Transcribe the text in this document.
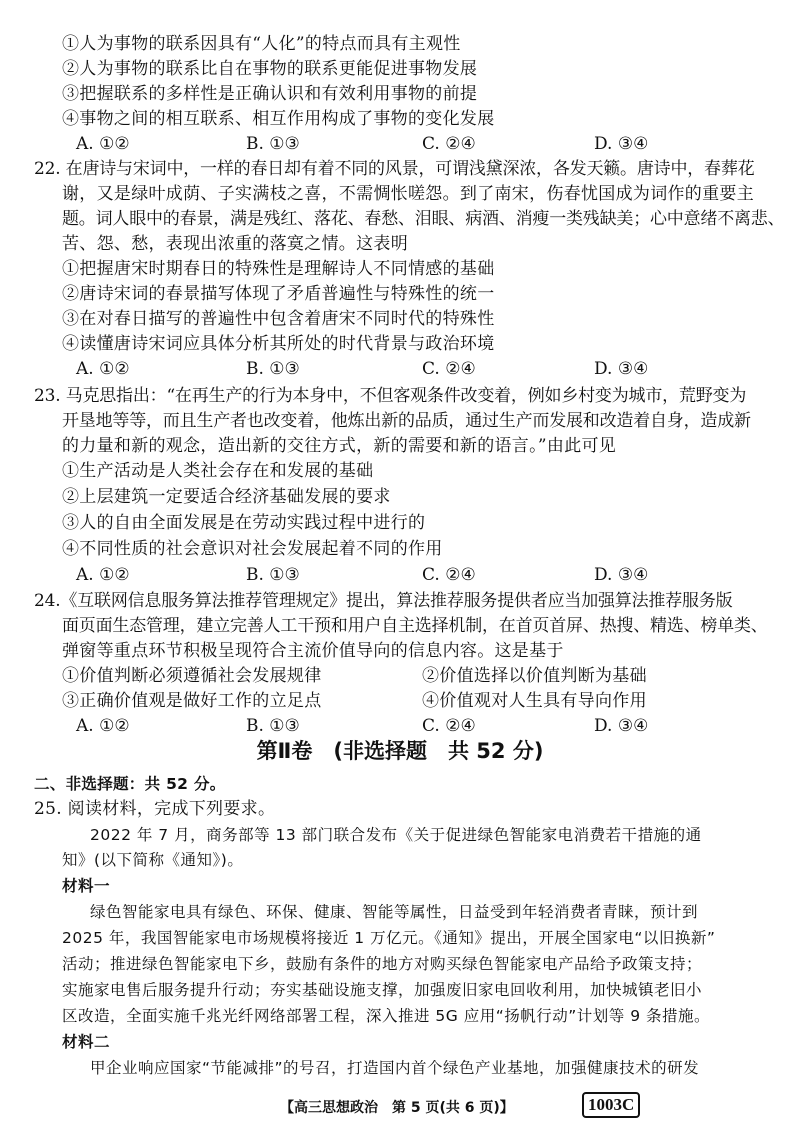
①人为事物的联系因具有“人化”的特点而具有主观性
②人为事物的联系比自在事物的联系更能促进事物发展
③把握联系的多样性是正确认识和有效利用事物的前提
④事物之间的相互联系、相互作用构成了事物的变化发展
A. ①②	B. ①③	C. ②④	D. ③④
22. 在唐诗与宋词中，一样的春日却有着不同的风景，可谓浅黛深浓，各发天籁。唐诗中，春葬花
谢，又是绿叶成荫、子实满枝之喜，不需惆怅嗟怨。到了南宋，伤春忧国成为词作的重要主
题。词人眼中的春景，满是残红、落花、春愁、泪眼、病酒、消瘦一类残缺美；心中意绪不离悲、
苦、怨、愁，表现出浓重的落寞之情。这表明
①把握唐宋时期春日的特殊性是理解诗人不同情感的基础
②唐诗宋词的春景描写体现了矛盾普遍性与特殊性的统一
③在对春日描写的普遍性中包含着唐宋不同时代的特殊性
④读懂唐诗宋词应具体分析其所处的时代背景与政治环境
A. ①②	B. ①③	C. ②④	D. ③④
23. 马克思指出：“在再生产的行为本身中，不但客观条件改变着，例如乡村变为城市，荒野变为
开垦地等等，而且生产者也改变着，他炼出新的品质，通过生产而发展和改造着自身，造成新
的力量和新的观念，造出新的交往方式，新的需要和新的语言。”由此可见
①生产活动是人类社会存在和发展的基础
②上层建筑一定要适合经济基础发展的要求
③人的自由全面发展是在劳动实践过程中进行的
④不同性质的社会意识对社会发展起着不同的作用
A. ①②	B. ①③	C. ②④	D. ③④
24.《互联网信息服务算法推荐管理规定》提出，算法推荐服务提供者应当加强算法推荐服务版
面页面生态管理，建立完善人工干预和用户自主选择机制，在首页首屏、热搜、精选、榜单类、
弹窗等重点环节积极呈现符合主流价值导向的信息内容。这是基于
①价值判断必须遵循社会发展规律	②价值选择以价值判断为基础
③正确价值观是做好工作的立足点	④价值观对人生具有导向作用
A. ①②	B. ①③	C. ②④	D. ③④
第Ⅱ卷　(非选择题　共 52 分)
二、非选择题：共 52 分。
25. 阅读材料，完成下列要求。
2022 年 7 月，商务部等 13 部门联合发布《关于促进绿色智能家电消费若干措施的通
知》(以下简称《通知》)。
材料一
绿色智能家电具有绿色、环保、健康、智能等属性，日益受到年轻消费者青睐，预计到
2025 年，我国智能家电市场规模将接近 1 万亿元。《通知》提出，开展全国家电“以旧换新”
活动；推进绿色智能家电下乡，鼓励有条件的地方对购买绿色智能家电产品给予政策支持；
实施家电售后服务提升行动；夯实基础设施支撑，加强废旧家电回收利用，加快城镇老旧小
区改造，全面实施千兆光纤网络部署工程，深入推进 5G 应用“扬帆行动”计划等 9 条措施。
材料二
甲企业响应国家“节能减排”的号召，打造国内首个绿色产业基地，加强健康技术的研发
【高三思想政治　第 5 页(共 6 页)】	1003C
